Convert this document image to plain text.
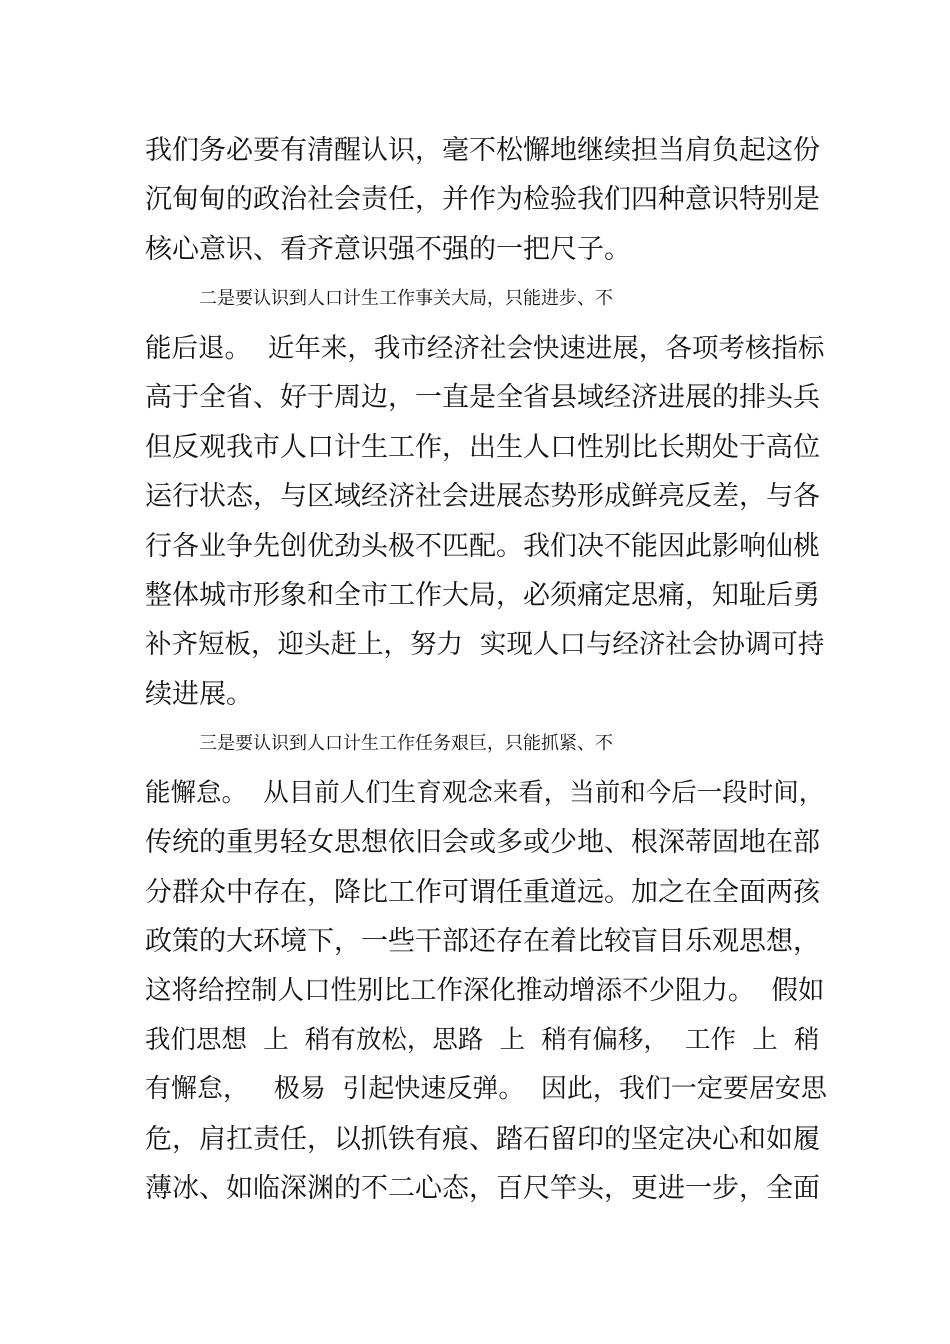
我们务必要有清醒认识，毫不松懈地继续担当肩负起这份
沉甸甸的政治社会责任，并作为检验我们四种意识特别是
核心意识、看齐意识强不强的一把尺子。
二是要认识到人口计生工作事关大局，只能进步、不
能后退。  近年来，我市经济社会快速进展，各项考核指标
高于全省、好于周边，一直是全省县域经济进展的排头兵
但反观我市人口计生工作，出生人口性别比长期处于高位
运行状态，与区域经济社会进展态势形成鲜亮反差，与各
行各业争先创优劲头极不匹配。我们决不能因此影响仙桃
整体城市形象和全市工作大局，必须痛定思痛，知耻后勇
补齐短板，迎头赶上，努力  实现人口与经济社会协调可持
续进展。
三是要认识到人口计生工作任务艰巨，只能抓紧、不
能懈怠。  从目前人们生育观念来看，当前和今后一段时间，
传统的重男轻女思想依旧会或多或少地、根深蒂固地在部
分群众中存在，降比工作可谓任重道远。加之在全面两孩
政策的大环境下，一些干部还存在着比较盲目乐观思想，
这将给控制人口性别比工作深化推动增添不少阻力。  假如
我们思想  上  稍有放松，思路  上  稍有偏移，  工作  上  稍
有懈怠，   极易  引起快速反弹。  因此，我们一定要居安思
危，肩扛责任，以抓铁有痕、踏石留印的坚定决心和如履
薄冰、如临深渊的不二心态，百尺竿头，更进一步，全面
